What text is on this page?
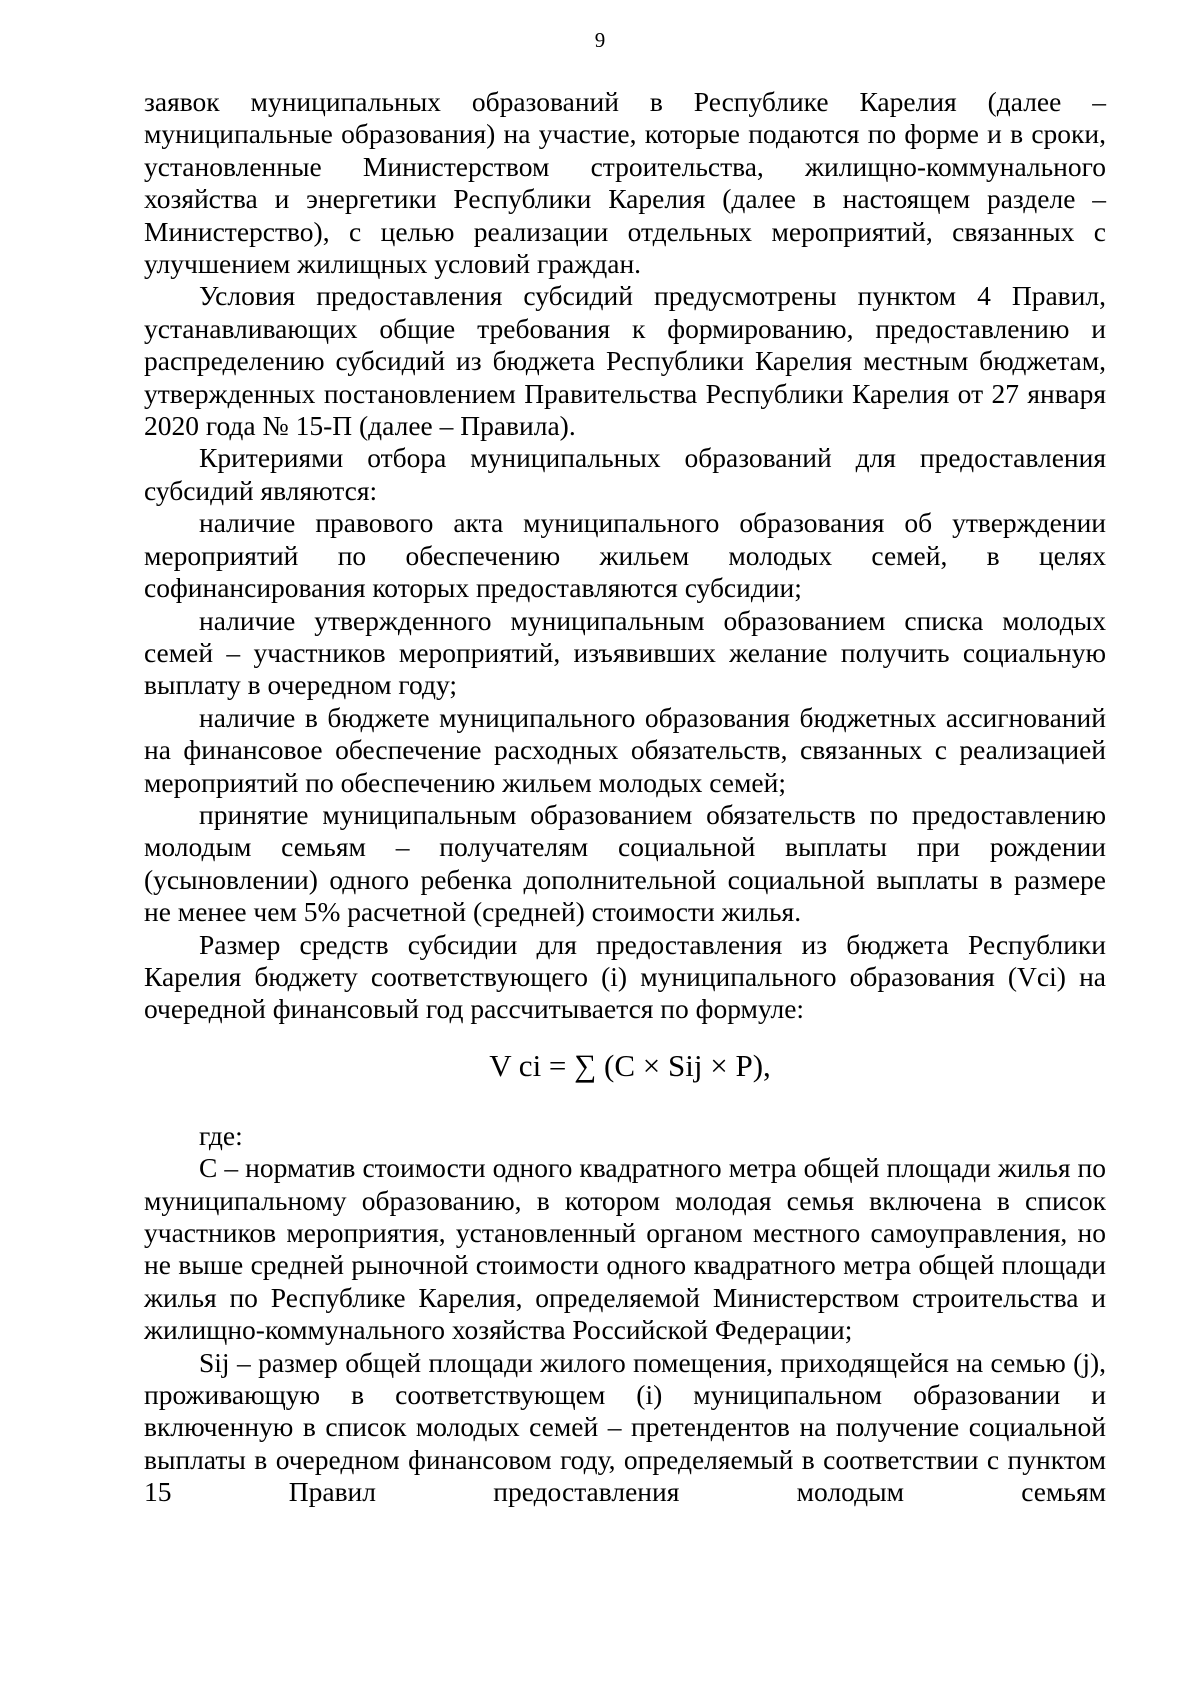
9

заявок муниципальных образований в Республике Карелия (далее – муниципальные образования) на участие, которые подаются по форме и в сроки, установленные Министерством строительства, жилищно-коммунального хозяйства и энергетики Республики Карелия (далее в настоящем разделе – Министерство), с целью реализации отдельных мероприятий, связанных с улучшением жилищных условий граждан.

Условия предоставления субсидий предусмотрены пунктом 4 Правил, устанавливающих общие требования к формированию, предоставлению и распределению субсидий из бюджета Республики Карелия местным бюджетам, утвержденных постановлением Правительства Республики Карелия от 27 января 2020 года № 15-П (далее – Правила).

Критериями отбора муниципальных образований для предоставления субсидий являются:

наличие правового акта муниципального образования об утверждении мероприятий по обеспечению жильем молодых семей, в целях софинансирования которых предоставляются субсидии;

наличие утвержденного муниципальным образованием списка молодых семей – участников мероприятий, изъявивших желание получить социальную выплату в очередном году;

наличие в бюджете муниципального образования бюджетных ассигнований на финансовое обеспечение расходных обязательств, связанных с реализацией мероприятий по обеспечению жильем молодых семей;

принятие муниципальным образованием обязательств по предоставлению молодым семьям – получателям социальной выплаты при рождении (усыновлении) одного ребенка дополнительной социальной выплаты в размере не менее чем 5% расчетной (средней) стоимости жилья.

Размер средств субсидии для предоставления из бюджета Республики Карелия бюджету соответствующего (i) муниципального образования (Vci) на очередной финансовый год рассчитывается по формуле:

V ci = ∑ (C × Sij × P),

где:

С – норматив стоимости одного квадратного метра общей площади жилья по муниципальному образованию, в котором молодая семья включена в список участников мероприятия, установленный органом местного самоуправления, но не выше средней рыночной стоимости одного квадратного метра общей площади жилья по Республике Карелия, определяемой Министерством строительства и жилищно-коммунального хозяйства Российской Федерации;

Sij – размер общей площади жилого помещения, приходящейся на семью (j), проживающую в соответствующем (i) муниципальном образовании и включенную в список молодых семей – претендентов на получение социальной выплаты в очередном финансовом году, определяемый в соответствии с пунктом 15 Правил предоставления молодым семьям
